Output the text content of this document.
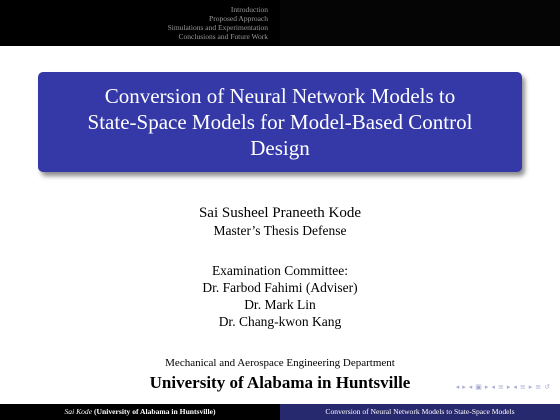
Introduction
Proposed Approach
Simulations and Experimentation
Conclusions and Future Work
Conversion of Neural Network Models to
State-Space Models for Model-Based Control
Design
Sai Susheel Praneeth Kode
Master’s Thesis Defense
Examination Committee:
Dr. Farbod Fahimi (Adviser)
Dr. Mark Lin
Dr. Chang-kwon Kang
Mechanical and Aerospace Engineering Department
University of Alabama in Huntsville	◂ ▸ ◂ ▣ ▸ ◂ ≡ ▸ ◂ ≡ ▸ ≡ ↺
Sai Kode (University of Alabama in Huntsville)	Conversion of Neural Network Models to State-Space Models
